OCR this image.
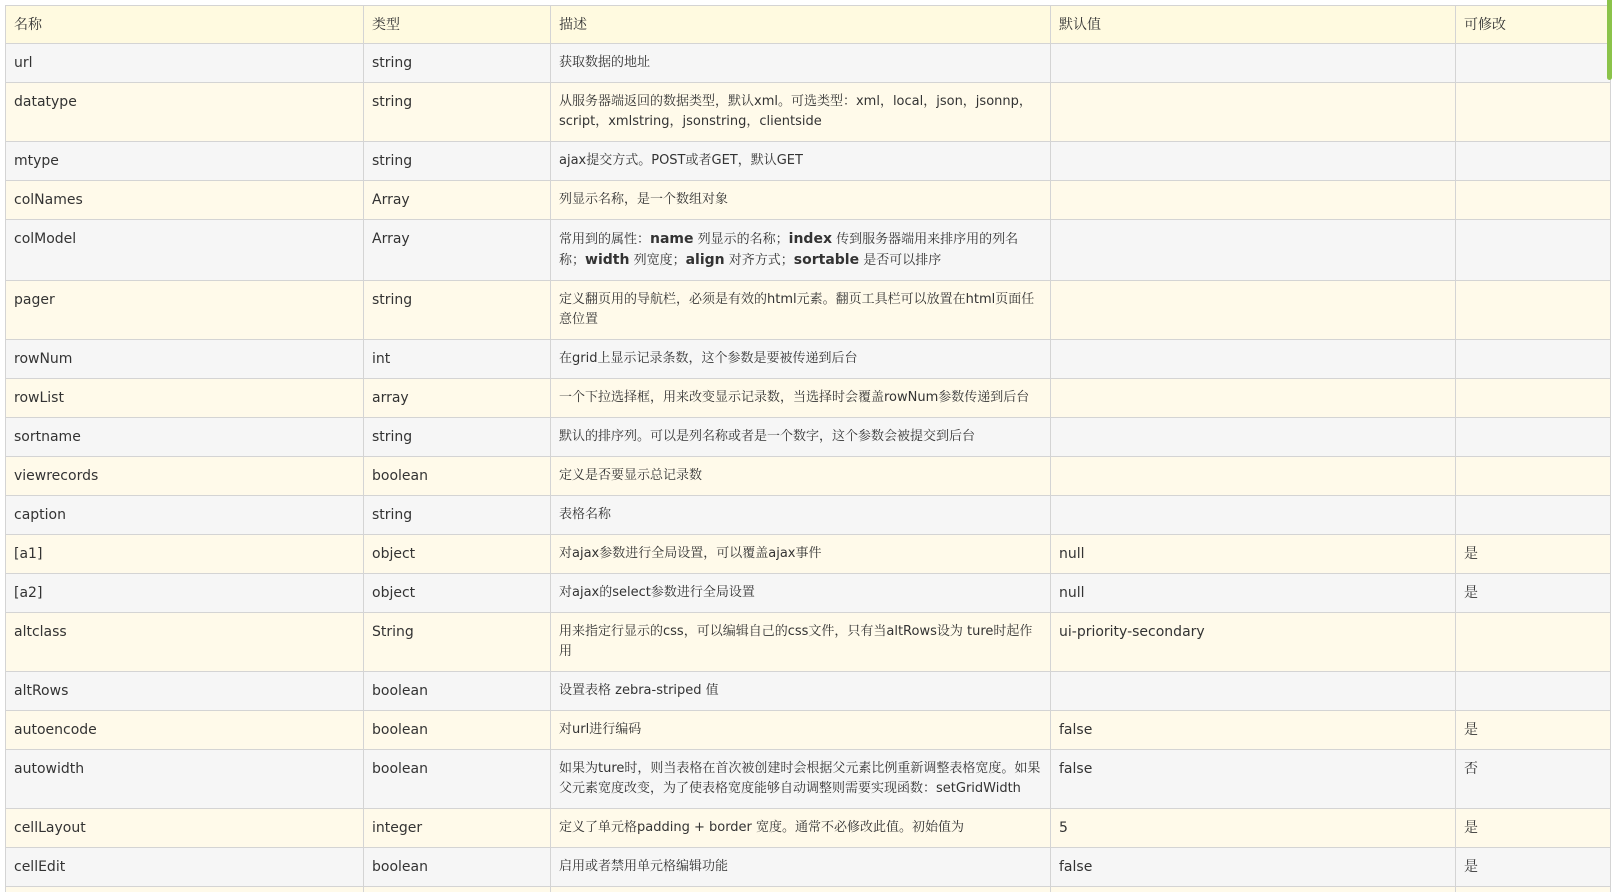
名称	类型	描述	默认值	可修改
url	string	获取数据的地址		
datatype	string	从服务器端返回的数据类型，默认xml。可选类型：xml，local，json，jsonnp，script，xmlstring，jsonstring，clientside		
mtype	string	ajax提交方式。POST或者GET，默认GET		
colNames	Array	列显示名称，是一个数组对象		
colModel	Array	常用到的属性：name 列显示的名称；index 传到服务器端用来排序用的列名称；width 列宽度；align 对齐方式；sortable 是否可以排序		
pager	string	定义翻页用的导航栏，必须是有效的html元素。翻页工具栏可以放置在html页面任意位置		
rowNum	int	在grid上显示记录条数，这个参数是要被传递到后台		
rowList	array	一个下拉选择框，用来改变显示记录数，当选择时会覆盖rowNum参数传递到后台		
sortname	string	默认的排序列。可以是列名称或者是一个数字，这个参数会被提交到后台		
viewrecords	boolean	定义是否要显示总记录数		
caption	string	表格名称		
[a1]	object	对ajax参数进行全局设置，可以覆盖ajax事件	null	是
[a2]	object	对ajax的select参数进行全局设置	null	是
altclass	String	用来指定行显示的css，可以编辑自己的css文件，只有当altRows设为 ture时起作用	ui-priority-secondary	
altRows	boolean	设置表格 zebra-striped 值		
autoencode	boolean	对url进行编码	false	是
autowidth	boolean	如果为ture时，则当表格在首次被创建时会根据父元素比例重新调整表格宽度。如果父元素宽度改变，为了使表格宽度能够自动调整则需要实现函数：setGridWidth	false	否
cellLayout	integer	定义了单元格padding + border 宽度。通常不必修改此值。初始值为	5	是
cellEdit	boolean	启用或者禁用单元格编辑功能	false	是
